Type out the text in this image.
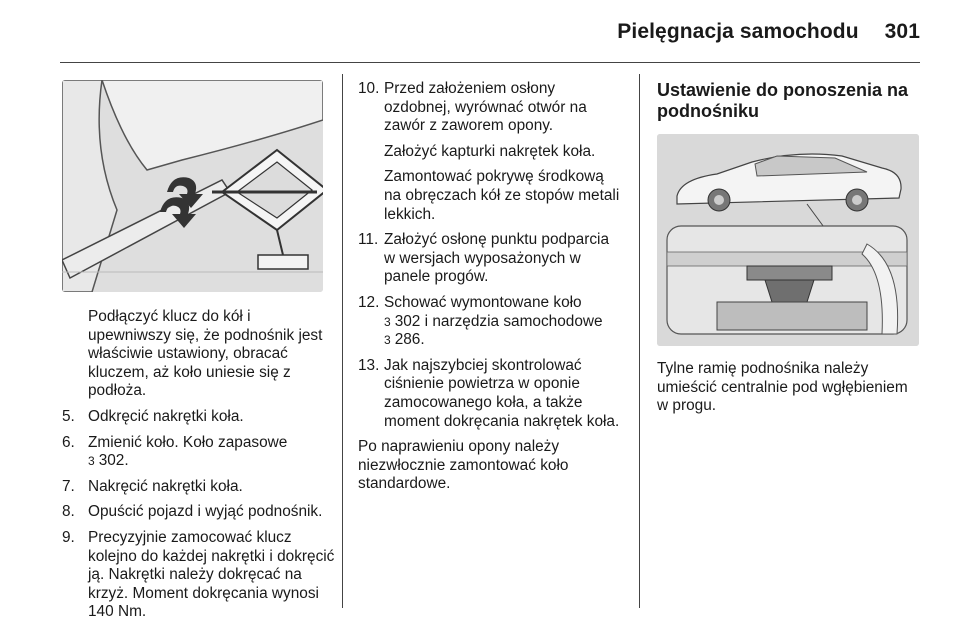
Pielęgnacja samochodu 301

Podłączyć klucz do kół i upewniwszy się, że podnośnik jest właściwie ustawiony, obracać kluczem, aż koło uniesie się z podłoża.

5. Odkręcić nakrętki koła.
6. Zmienić koło. Koło zapasowe
3 302.
7. Nakręcić nakrętki koła.
8. Opuścić pojazd i wyjąć podnośnik.
9. Precyzyjnie zamocować klucz kolejno do każdej nakrętki i dokręcić ją. Nakrętki należy dokręcać na krzyż. Moment dokręcania wynosi 140 Nm.
10. Przed założeniem osłony ozdobnej, wyrównać otwór na zawór z zaworem opony.

Założyć kapturki nakrętek koła.

Zamontować pokrywę środkową na obręczach kół ze stopów metali lekkich.

11. Założyć osłonę punktu podparcia w wersjach wyposażonych w panele progów.
12. Schować wymontowane koło
3 302 i narzędzia samochodowe
3 286.
13. Jak najszybciej skontrolować ciśnienie powietrza w oponie zamocowanego koła, a także moment dokręcania nakrętek koła.

Po naprawieniu opony należy niezwłocznie zamontować koło standardowe.

Ustawienie do ponoszenia na podnośniku

Tylne ramię podnośnika należy umieścić centralnie pod wgłębieniem w progu.
